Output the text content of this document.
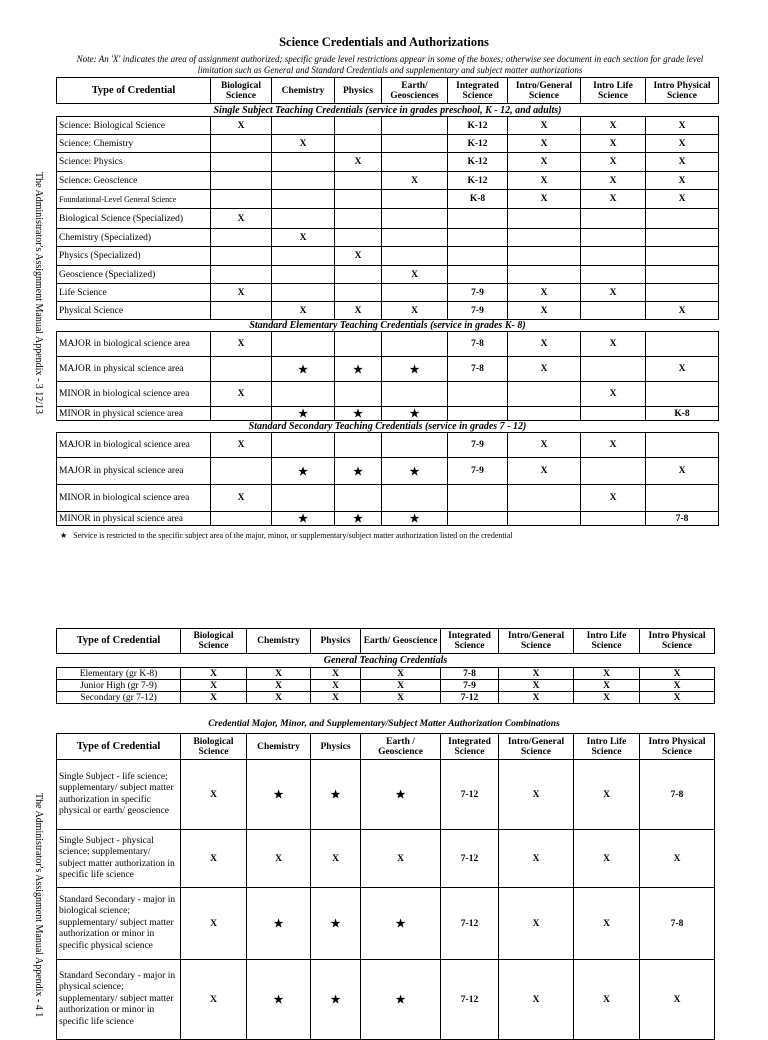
Science Credentials and Authorizations
Note: An 'X' indicates the area of assignment authorized; specific grade level restrictions appear in some of the boxes; otherwise see document in each section for grade level limitation such as General and Standard Credentials and supplementary and subject matter authorizations
The Administrator's Assignment Manual Appendix - 3 12/13
The Administrator's Assignment Manual Appendix - 4 1
Type of Credential	Biological Science	Chemistry	Physics	Earth/ Geosciences	Integrated Science	Intro/General Science	Intro Life Science	Intro Physical Science
Single Subject Teaching Credentials (service in grades preschool, K - 12, and adults)								
Science: Biological Science	X				K-12	X	X	X
Science: Chemistry		X			K-12	X	X	X
Science: Physics			X		K-12	X	X	X
Science: Geoscience				X	K-12	X	X	X
Foundational-Level General Science					K-8	X	X	X
Biological Science (Specialized)	X							
Chemistry (Specialized)		X						
Physics (Specialized)			X					
Geoscience (Specialized)				X				
Life Science	X				7-9	X	X	
Physical Science		X	X	X	7-9	X		X
Standard Elementary Teaching Credentials (service in grades K- 8)								
MAJOR in biological science area	X				7-8	X	X	
MAJOR in physical science area		★	★	★	7-8	X		X
MINOR in biological science area	X						X	
MINOR in physical science area		★	★	★				K-8
Standard Secondary Teaching Credentials (service in grades 7 - 12)								
MAJOR in biological science area	X				7-9	X	X	
MAJOR in physical science area		★	★	★	7-9	X		X
MINOR in biological science area	X						X	
MINOR in physical science area		★	★	★				7-8
★ Service is restricted to the specific subject area of the major, minor, or supplementary/subject matter authorization listed on the credential
Type of Credential	Biological Science	Chemistry	Physics	Earth/ Geoscience	Integrated Science	Intro/General Science	Intro Life Science	Intro Physical Science
General Teaching Credentials								
Elementary (gr K-8)	X	X	X	X	7-8	X	X	X
Junior High (gr 7-9)	X	X	X	X	7-9	X	X	X
Secondary (gr 7-12)	X	X	X	X	7-12	X	X	X
Credential Major, Minor, and Supplementary/Subject Matter Authorization Combinations
Type of Credential	Biological Science	Chemistry	Physics	Earth / Geoscience	Integrated Science	Intro/General Science	Intro Life Science	Intro Physical Science
Single Subject - life science; supplementary/ subject matter authorization in specific physical or earth/ geoscience	X	★	★	★	7-12	X	X	7-8
Single Subject - physical science; supplementary/ subject matter authorization in specific life science	X	X	X	X	7-12	X	X	X
Standard Secondary - major in biological science; supplementary/ subject matter authorization or minor in specific physical science	X	★	★	★	7-12	X	X	7-8
Standard Secondary - major in physical science; supplementary/ subject matter authorization or minor in specific life science	X	★	★	★	7-12	X	X	X
